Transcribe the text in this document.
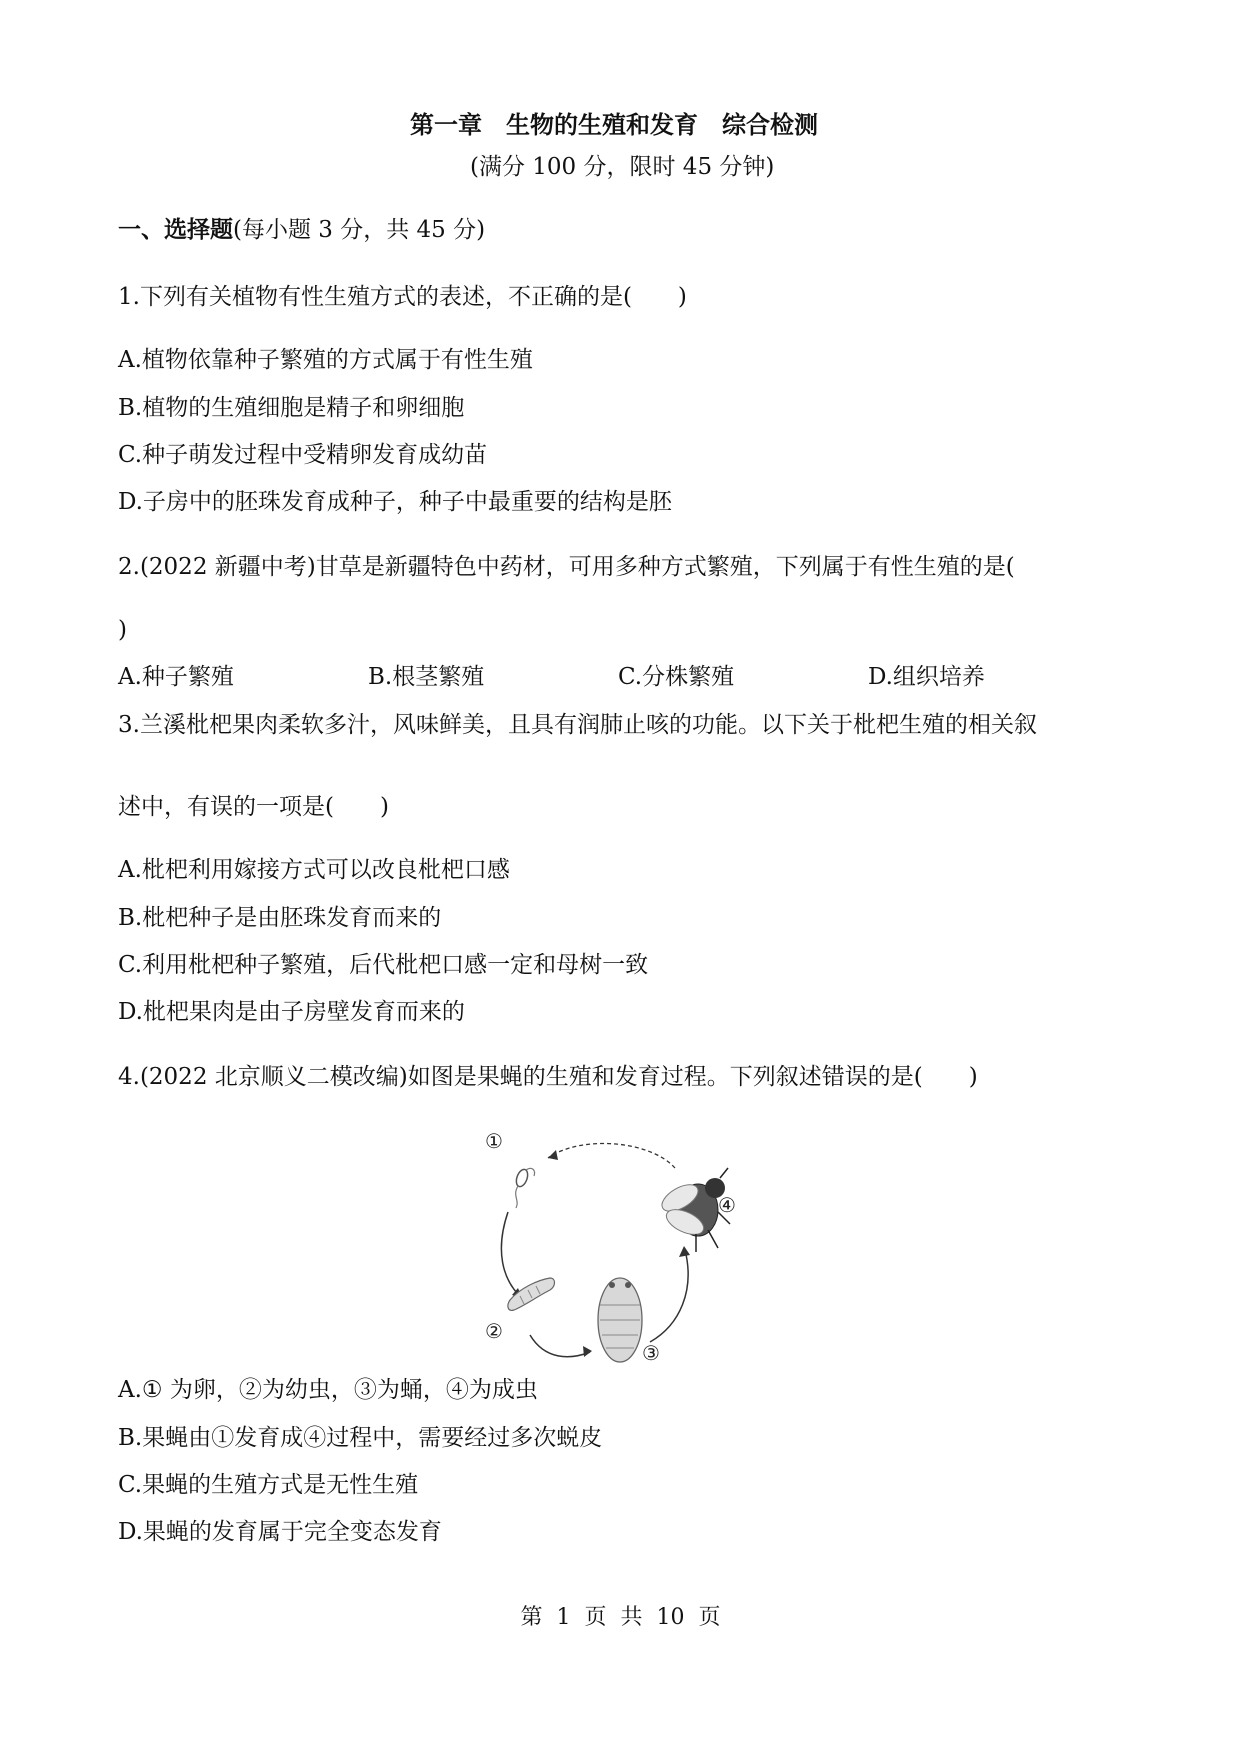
第一章　生物的生殖和发育　综合检测
(满分 100 分，限时 45 分钟)
一、选择题(每小题 3 分，共 45 分)
1.下列有关植物有性生殖方式的表述，不正确的是(　　)
A.植物依靠种子繁殖的方式属于有性生殖
B.植物的生殖细胞是精子和卵细胞
C.种子萌发过程中受精卵发育成幼苗
D.子房中的胚珠发育成种子，种子中最重要的结构是胚
2.(2022 新疆中考)甘草是新疆特色中药材，可用多种方式繁殖，下列属于有性生殖的是(
)
A.种子繁殖	B.根茎繁殖	C.分株繁殖	D.组织培养
3.兰溪枇杷果肉柔软多汁，风味鲜美，且具有润肺止咳的功能。以下关于枇杷生殖的相关叙
述中，有误的一项是(　　)
A.枇杷利用嫁接方式可以改良枇杷口感
B.枇杷种子是由胚珠发育而来的
C.利用枇杷种子繁殖，后代枇杷口感一定和母树一致
D.枇杷果肉是由子房壁发育而来的
4.(2022 北京顺义二模改编)如图是果蝇的生殖和发育过程。下列叙述错误的是(　　)
①
②
③
④
A.① 为卵，②为幼虫，③为蛹，④为成虫
B.果蝇由①发育成④过程中，需要经过多次蜕皮
C.果蝇的生殖方式是无性生殖
D.果蝇的发育属于完全变态发育
第  1  页  共  10  页
